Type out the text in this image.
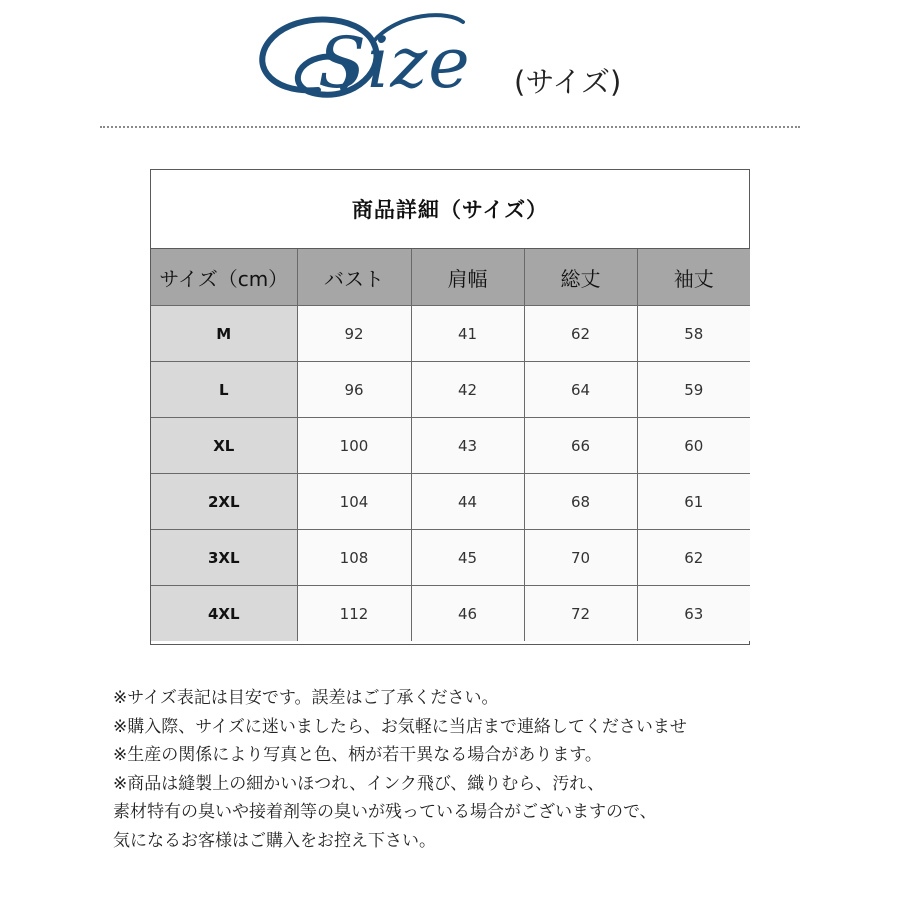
Size (サイズ)
商品詳細（サイズ）
サイズ（cm）	バスト	肩幅	総丈	袖丈
M	92	41	62	58
L	96	42	64	59
XL	100	43	66	60
2XL	104	44	68	61
3XL	108	45	70	62
4XL	112	46	72	63
※サイズ表記は目安です。誤差はご了承ください。
※購入際、サイズに迷いましたら、お気軽に当店まで連絡してくださいませ
※生産の関係により写真と色、柄が若干異なる場合があります。
※商品は縫製上の細かいほつれ、インク飛び、織りむら、汚れ、
素材特有の臭いや接着剤等の臭いが残っている場合がございますので、
気になるお客様はご購入をお控え下さい。
